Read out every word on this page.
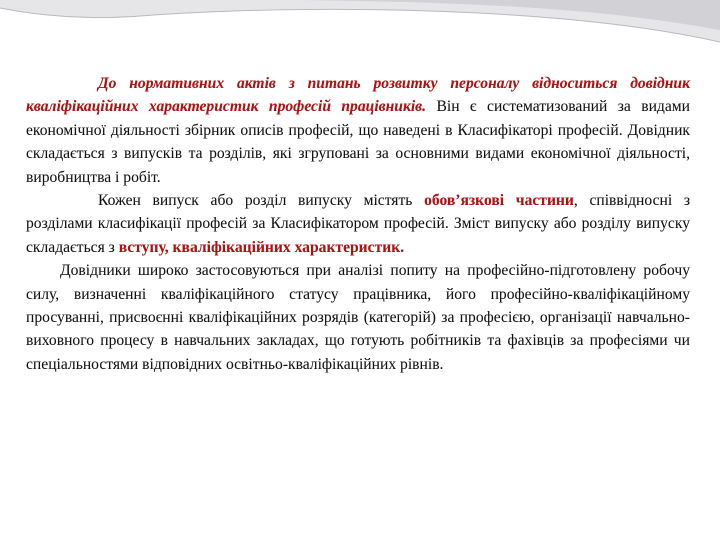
До нормативних актів з питань розвитку персоналу відноситься довідник кваліфікаційних характеристик професій працівників. Він є систематизований за видами економічної діяльності збірник описів професій, що наведені в Класифікаторі професій. Довідник складається з випусків та розділів, які згруповані за основними видами економічної діяльності, виробництва і робіт.

Кожен випуск або розділ випуску містять обов’язкові частини, співвідносні з розділами класифікації професій за Класифікатором професій. Зміст випуску або розділу випуску складається з вступу, кваліфікаційних характеристик.

Довідники широко застосовуються при аналізі попиту на професійно-підготовлену робочу силу, визначенні кваліфікаційного статусу працівника, його професійно-кваліфікаційному просуванні, присвоєнні кваліфікаційних розрядів (категорій) за професією, організації навчально-виховного процесу в навчальних закладах, що готують робітників та фахівців за професіями чи спеціальностями відповідних освітньо-кваліфікаційних рівнів.
